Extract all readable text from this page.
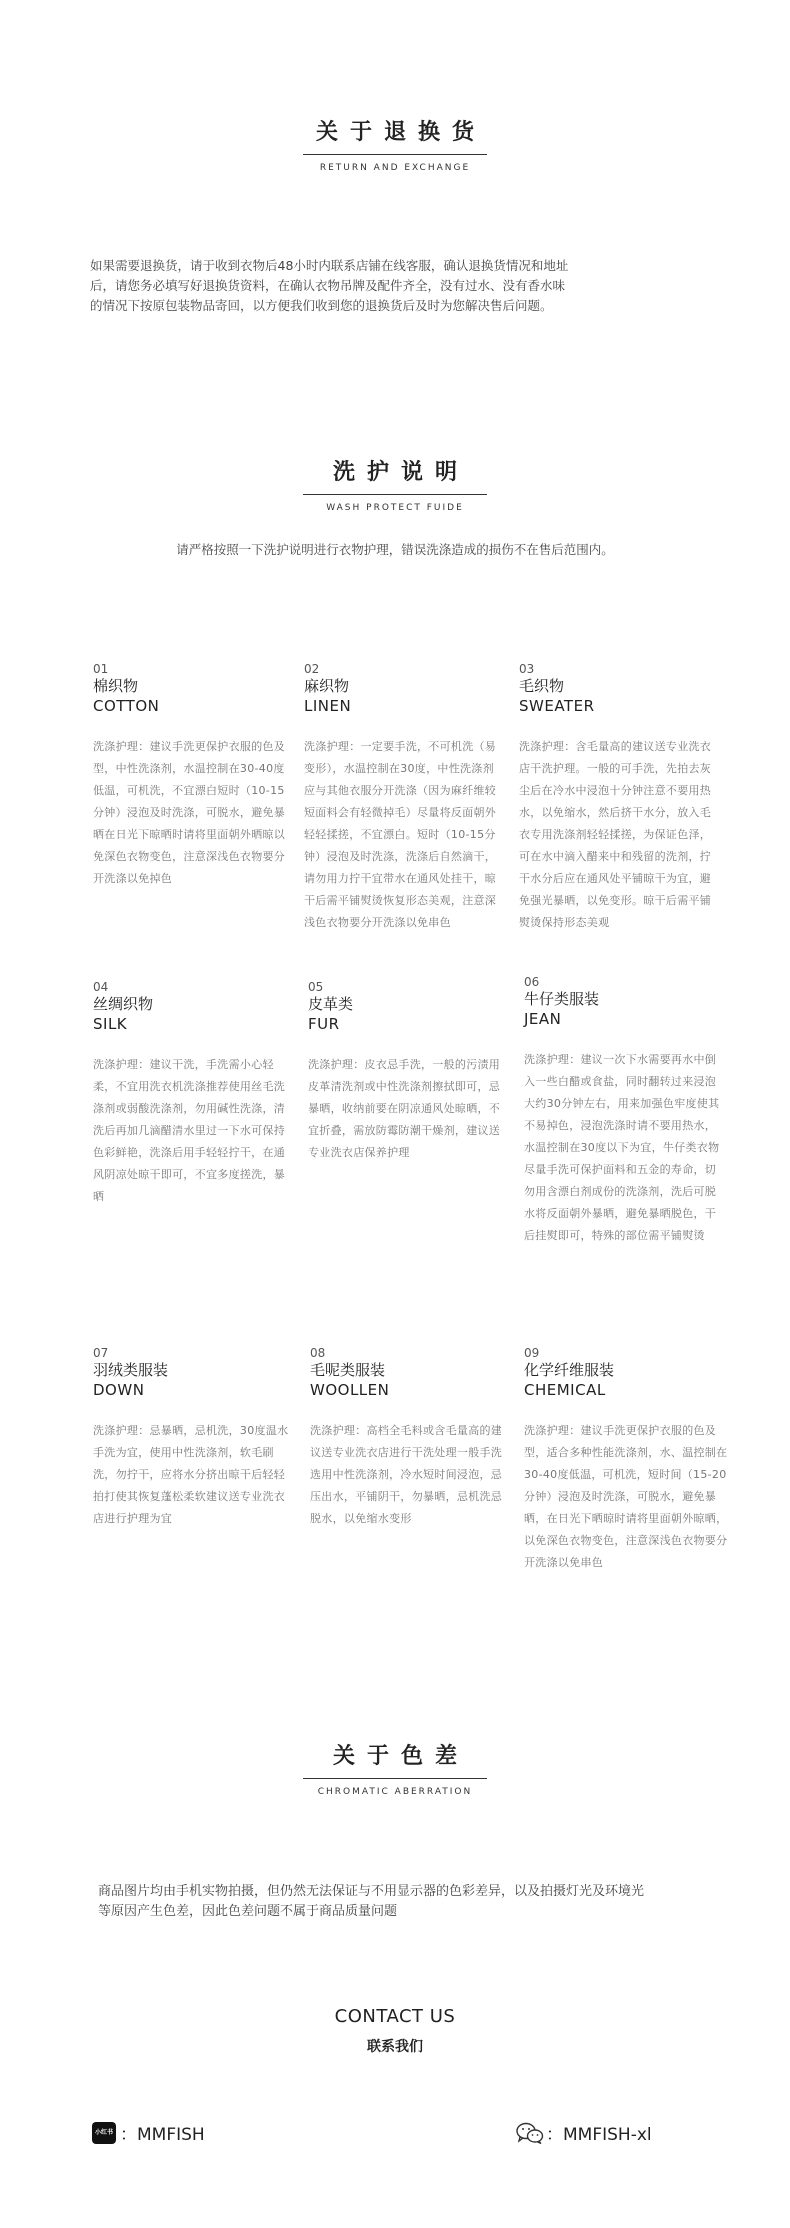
关于退换货
RETURN AND EXCHANGE
如果需要退换货，请于收到衣物后48小时内联系店铺在线客服，确认退换货情况和地址
后，请您务必填写好退换货资料，在确认衣物吊牌及配件齐全，没有过水、没有香水味
的情况下按原包装物品寄回，以方便我们收到您的退换货后及时为您解决售后问题。
洗护说明
WASH PROTECT FUIDE
请严格按照一下洗护说明进行衣物护理，错误洗涤造成的损伤不在售后范围内。
01
棉织物
COTTON
洗涤护理：建议手洗更保护衣服的色及型，中性洗涤剂，水温控制在30-40度低温，可机洗，不宜漂白短时（10-15分钟）浸泡及时洗涤，可脱水，避免暴晒在日光下晾晒时请将里面朝外晒晾以免深色衣物变色，注意深浅色衣物要分开洗涤以免掉色
02
麻织物
LINEN
洗涤护理：一定要手洗，不可机洗（易变形），水温控制在30度，中性洗涤剂应与其他衣服分开洗涤（因为麻纤维较短面料会有轻微掉毛）尽量将反面朝外轻轻揉搓，不宜漂白。短时（10-15分钟）浸泡及时洗涤，洗涤后自然滴干，请勿用力拧干宜带水在通风处挂干，晾干后需平铺熨烫恢复形态美观，注意深浅色衣物要分开洗涤以免串色
03
毛织物
SWEATER
洗涤护理：含毛量高的建议送专业洗衣店干洗护理。一般的可手洗，先拍去灰尘后在冷水中浸泡十分钟注意不要用热水，以免缩水，然后挤干水分，放入毛衣专用洗涤剂轻轻揉搓，为保证色泽，可在水中滴入醋来中和残留的洗剂，拧干水分后应在通风处平铺晾干为宜，避免强光暴晒，以免变形。晾干后需平铺熨烫保持形态美观
04
丝绸织物
SILK
洗涤护理：建议干洗，手洗需小心轻柔，不宜用洗衣机洗涤推荐使用丝毛洗涤剂或弱酸洗涤剂，勿用碱性洗涤，清洗后再加几滴醋清水里过一下水可保持色彩鲜艳，洗涤后用手轻轻拧干，在通风阴凉处晾干即可，不宜多度搓洗，暴晒
05
皮革类
FUR
洗涤护理：皮衣忌手洗，一般的污渍用皮革清洗剂或中性洗涤剂擦拭即可，忌暴晒，收纳前要在阴凉通风处晾晒，不宜折叠，需放防霉防潮干燥剂，建议送专业洗衣店保养护理
06
牛仔类服装
JEAN
洗涤护理：建议一次下水需要再水中倒入一些白醋或食盐，同时翻转过来浸泡大约30分钟左右，用来加强色牢度使其不易掉色，浸泡洗涤时请不要用热水，水温控制在30度以下为宜，牛仔类衣物尽量手洗可保护面料和五金的寿命，切勿用含漂白剂成份的洗涤剂，洗后可脱水将反面朝外暴晒，避免暴晒脱色，干后挂熨即可，特殊的部位需平铺熨烫
07
羽绒类服装
DOWN
洗涤护理：忌暴晒，忌机洗，30度温水手洗为宜，使用中性洗涤剂，软毛刷洗，勿拧干，应将水分挤出晾干后轻轻拍打使其恢复蓬松柔软建议送专业洗衣店进行护理为宜
08
毛呢类服装
WOOLLEN
洗涤护理：高档全毛料或含毛量高的建议送专业洗衣店进行干洗处理一般手洗选用中性洗涤剂，冷水短时间浸泡，忌压出水，平铺阴干，勿暴晒，忌机洗忌脱水，以免缩水变形
09
化学纤维服装
CHEMICAL
洗涤护理：建议手洗更保护衣服的色及型，适合多种性能洗涤剂，水、温控制在30-40度低温，可机洗，短时间（15-20分钟）浸泡及时洗涤，可脱水，避免暴晒，在日光下晒晾时请将里面朝外晾晒，以免深色衣物变色，注意深浅色衣物要分开洗涤以免串色
关于色差
CHROMATIC ABERRATION
商品图片均由手机实物拍摄，但仍然无法保证与不用显示器的色彩差异，以及拍摄灯光及环境光
等原因产生色差，因此色差问题不属于商品质量问题
CONTACT US
联系我们
小红书 ：MMFISH	：MMFISH-xl
